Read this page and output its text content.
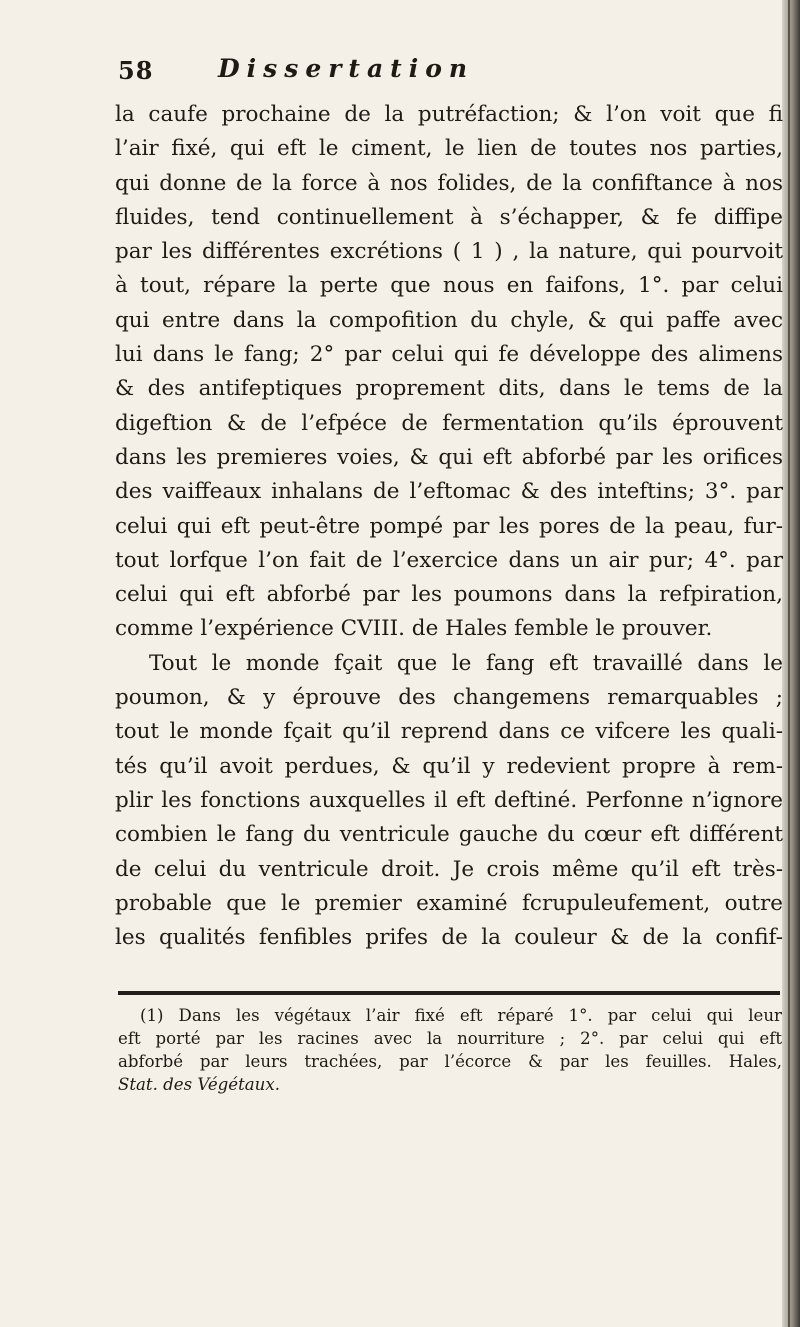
58	Dissertation
la caufe prochaine de la putréfaction; & l’on voit que fi
l’air fixé, qui eft le ciment, le lien de toutes nos parties,
qui donne de la force à nos folides, de la confiftance à nos
fluides, tend continuellement à s’échapper, & fe diffipe
par les différentes excrétions ( 1 ) , la nature, qui pourvoit
à tout, répare la perte que nous en faifons, 1°. par celui
qui entre dans la compofition du chyle, & qui paffe avec
lui dans le fang; 2° par celui qui fe développe des alimens
& des antifeptiques proprement dits, dans le tems de la
digeftion & de l’efpéce de fermentation qu’ils éprouvent
dans les premieres voies, & qui eft abforbé par les orifices
des vaiffeaux inhalans de l’eftomac & des inteftins; 3°. par
celui qui eft peut-être pompé par les pores de la peau, fur-
tout lorfque l’on fait de l’exercice dans un air pur; 4°. par
celui qui eft abforbé par les poumons dans la refpiration,
comme l’expérience CVIII. de Hales femble le prouver.
Tout le monde fçait que le fang eft travaillé dans le
poumon, & y éprouve des changemens remarquables ;
tout le monde fçait qu’il reprend dans ce vifcere les quali-
tés qu’il avoit perdues, & qu’il y redevient propre à rem-
plir les fonctions auxquelles il eft deftiné. Perfonne n’ignore
combien le fang du ventricule gauche du cœur eft différent
de celui du ventricule droit. Je crois même qu’il eft très-
probable que le premier examiné fcrupuleufement, outre
les qualités fenfibles prifes de la couleur & de la confif-
(1) Dans les végétaux l’air fixé eft réparé 1°. par celui qui leur
eft porté par les racines avec la nourriture ; 2°. par celui qui eft
abforbé par leurs trachées, par l’écorce & par les feuilles. Hales,
Stat. des Végétaux.
